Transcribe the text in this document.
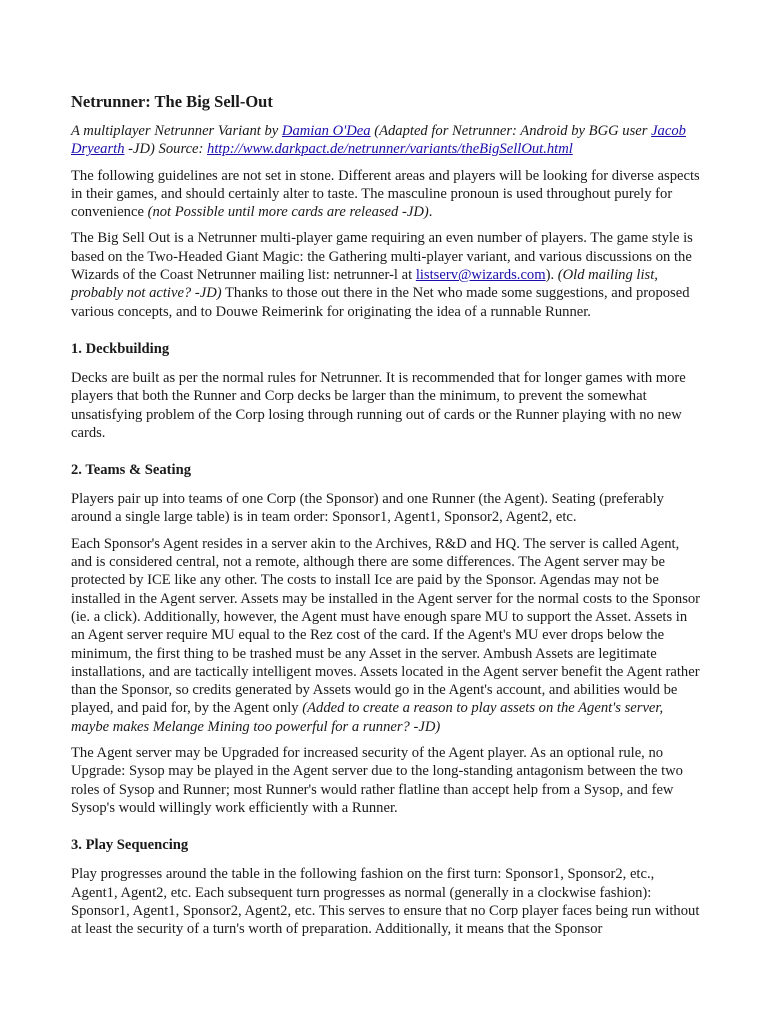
Netrunner: The Big Sell-Out

A multiplayer Netrunner Variant by Damian O'Dea (Adapted for Netrunner: Android by BGG user Jacob Dryearth -JD) Source: http://www.darkpact.de/netrunner/variants/theBigSellOut.html

The following guidelines are not set in stone. Different areas and players will be looking for diverse aspects in their games, and should certainly alter to taste. The masculine pronoun is used throughout purely for convenience (not Possible until more cards are released -JD).

The Big Sell Out is a Netrunner multi-player game requiring an even number of players. The game style is based on the Two-Headed Giant Magic: the Gathering multi-player variant, and various discussions on the Wizards of the Coast Netrunner mailing list: netrunner-l at listserv@wizards.com). (Old mailing list, probably not active? -JD) Thanks to those out there in the Net who made some suggestions, and proposed various concepts, and to Douwe Reimerink for originating the idea of a runnable Runner.

1. Deckbuilding

Decks are built as per the normal rules for Netrunner. It is recommended that for longer games with more players that both the Runner and Corp decks be larger than the minimum, to prevent the somewhat unsatisfying problem of the Corp losing through running out of cards or the Runner playing with no new cards.

2. Teams & Seating

Players pair up into teams of one Corp (the Sponsor) and one Runner (the Agent). Seating (preferably around a single large table) is in team order: Sponsor1, Agent1, Sponsor2, Agent2, etc.

Each Sponsor's Agent resides in a server akin to the Archives, R&D and HQ. The server is called Agent, and is considered central, not a remote, although there are some differences. The Agent server may be protected by ICE like any other. The costs to install Ice are paid by the Sponsor. Agendas may not be installed in the Agent server. Assets may be installed in the Agent server for the normal costs to the Sponsor (ie. a click). Additionally, however, the Agent must have enough spare MU to support the Asset. Assets in an Agent server require MU equal to the Rez cost of the card. If the Agent's MU ever drops below the minimum, the first thing to be trashed must be any Asset in the server. Ambush Assets are legitimate installations, and are tactically intelligent moves. Assets located in the Agent server benefit the Agent rather than the Sponsor, so credits generated by Assets would go in the Agent's account, and abilities would be played, and paid for, by the Agent only (Added to create a reason to play assets on the Agent's server, maybe makes Melange Mining too powerful for a runner? -JD)

The Agent server may be Upgraded for increased security of the Agent player. As an optional rule, no Upgrade: Sysop may be played in the Agent server due to the long-standing antagonism between the two roles of Sysop and Runner; most Runner's would rather flatline than accept help from a Sysop, and few Sysop's would willingly work efficiently with a Runner.

3. Play Sequencing

Play progresses around the table in the following fashion on the first turn: Sponsor1, Sponsor2, etc., Agent1, Agent2, etc. Each subsequent turn progresses as normal (generally in a clockwise fashion): Sponsor1, Agent1, Sponsor2, Agent2, etc. This serves to ensure that no Corp player faces being run without at least the security of a turn's worth of preparation. Additionally, it means that the Sponsor
